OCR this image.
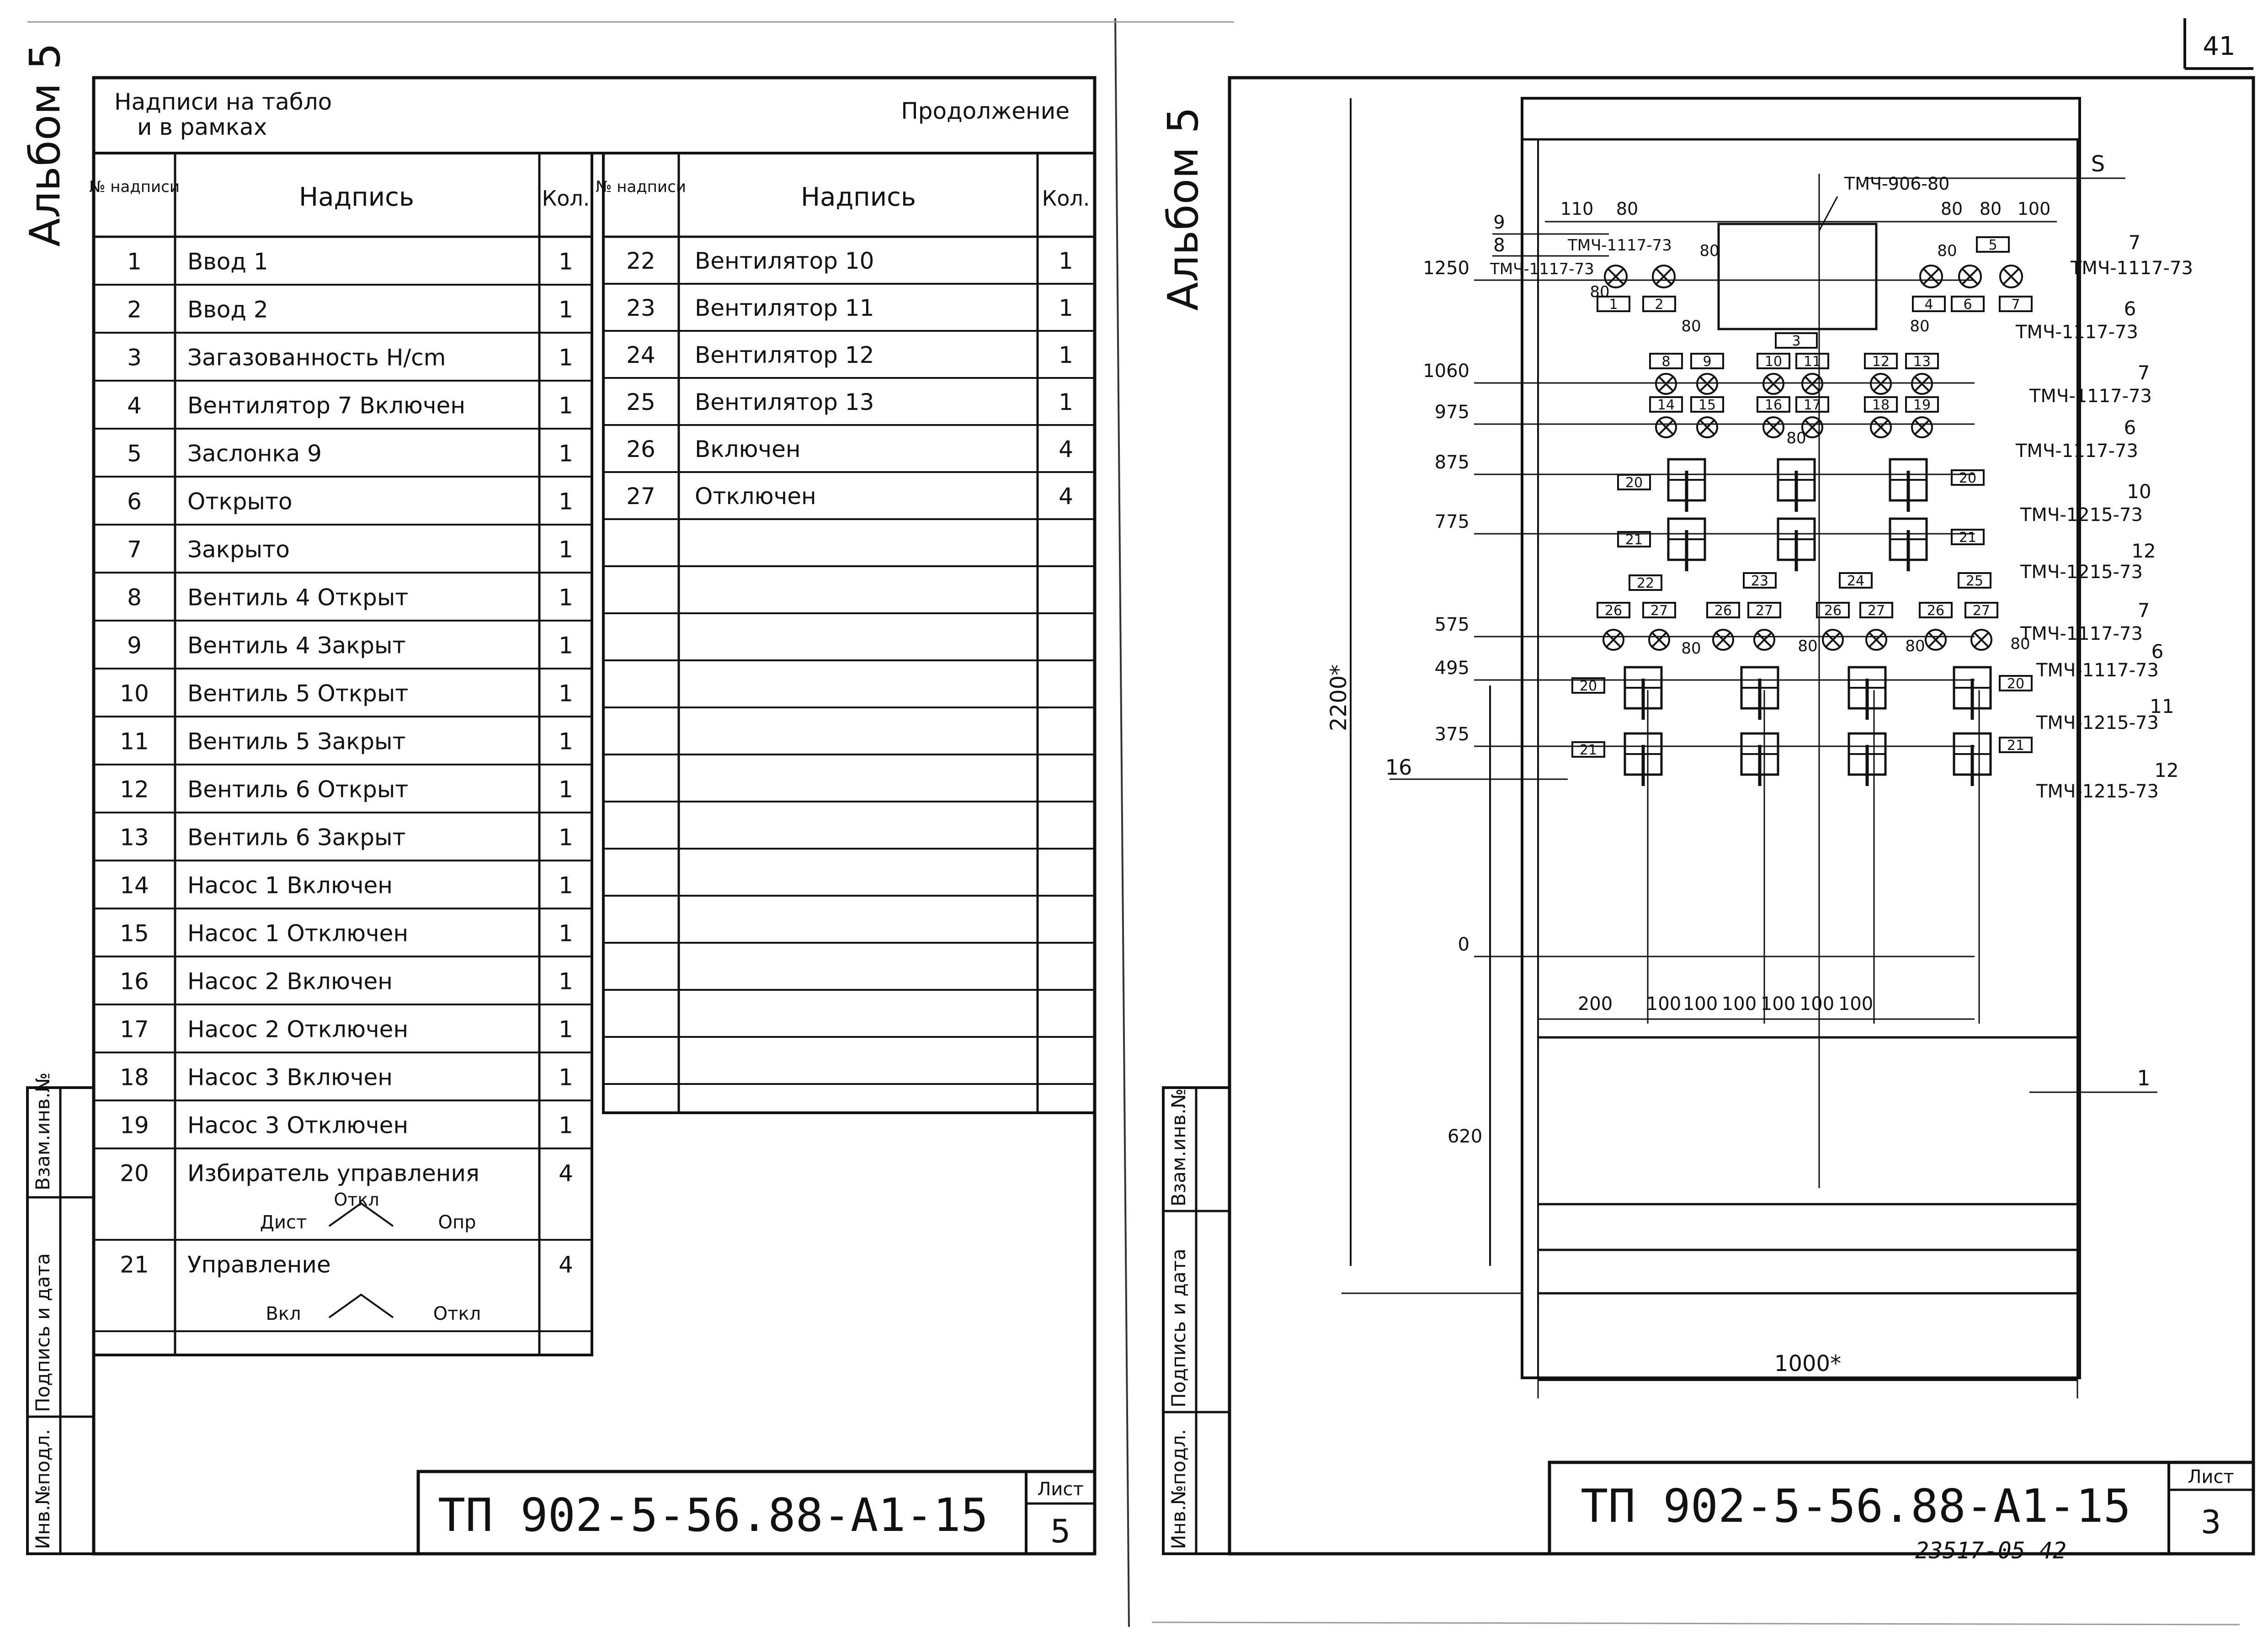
Альбом 5
Взам.инв.№
Подпись и дата
Инв.№подл.
Надписи на табло
и в рамках
Продолжение
№ надписи	Надпись	Кол.
1 Ввод 1	1
2 Ввод 2	1
3 Загазованность H/cm	1
4 Вентилятор 7 Включен	1
5 Заслонка 9	1
6 Открыто	1
7 Закрыто	1
8 Вентиль 4 Открыт	1
9 Вентиль 4 Закрыт	1
10 Вентиль 5 Открыт	1
11 Вентиль 5 Закрыт	1
12 Вентиль 6 Открыт	1
13 Вентиль 6 Закрыт	1
14 Насос 1 Включен	1
15 Насос 1 Отключен	1
16 Насос 2 Включен	1
17 Насос 2 Отключен	1
18 Насос 3 Включен	1
19 Насос 3 Отключен	1
20 Избиратель управления	4
Откл
Дист	Опр
21 Управление	4
Вкл	Откл
№ надписи	Надпись	Кол.
22 Вентилятор 10	1
23 Вентилятор 11	1
24 Вентилятор 12	1
25 Вентилятор 13	1
26 Включен	4
27 Отключен	4
ТП 902-5-56.88-А1-15	Лист
5
41
Альбом 5
Взам.инв.№
Подпись и дата
Инв.№подл.
1250
1060
975
875
775
575
495
375
0
620
2200*
1000*
200 100 100 100 100 100 100
110 80	80 80 100
1	2	4 6	7
5
3
8 9	10 11	12 13
14 15	16 17	18 19
20	20
21	21
22	23	24	25
26 27	26 27	26 27	26 27
20	20
21	21
80
80
80	80	80	80
80
80
80
80
ТМЧ-906-80
ТМЧ-1117-73
ТМЧ-1117-73	ТМЧ-1117-73
ТМЧ-1117-73
ТМЧ-1117-73
ТМЧ-1117-73
ТМЧ-1215-73
ТМЧ-1215-73
ТМЧ-1117-73
ТМЧ-1117-73
ТМЧ-1215-73
ТМЧ-1215-73
S
9
8	7
6
7
6
10
12
7
6
11
12
16
1
ТП 902-5-56.88-А1-15
Лист
3
23517-05 42
